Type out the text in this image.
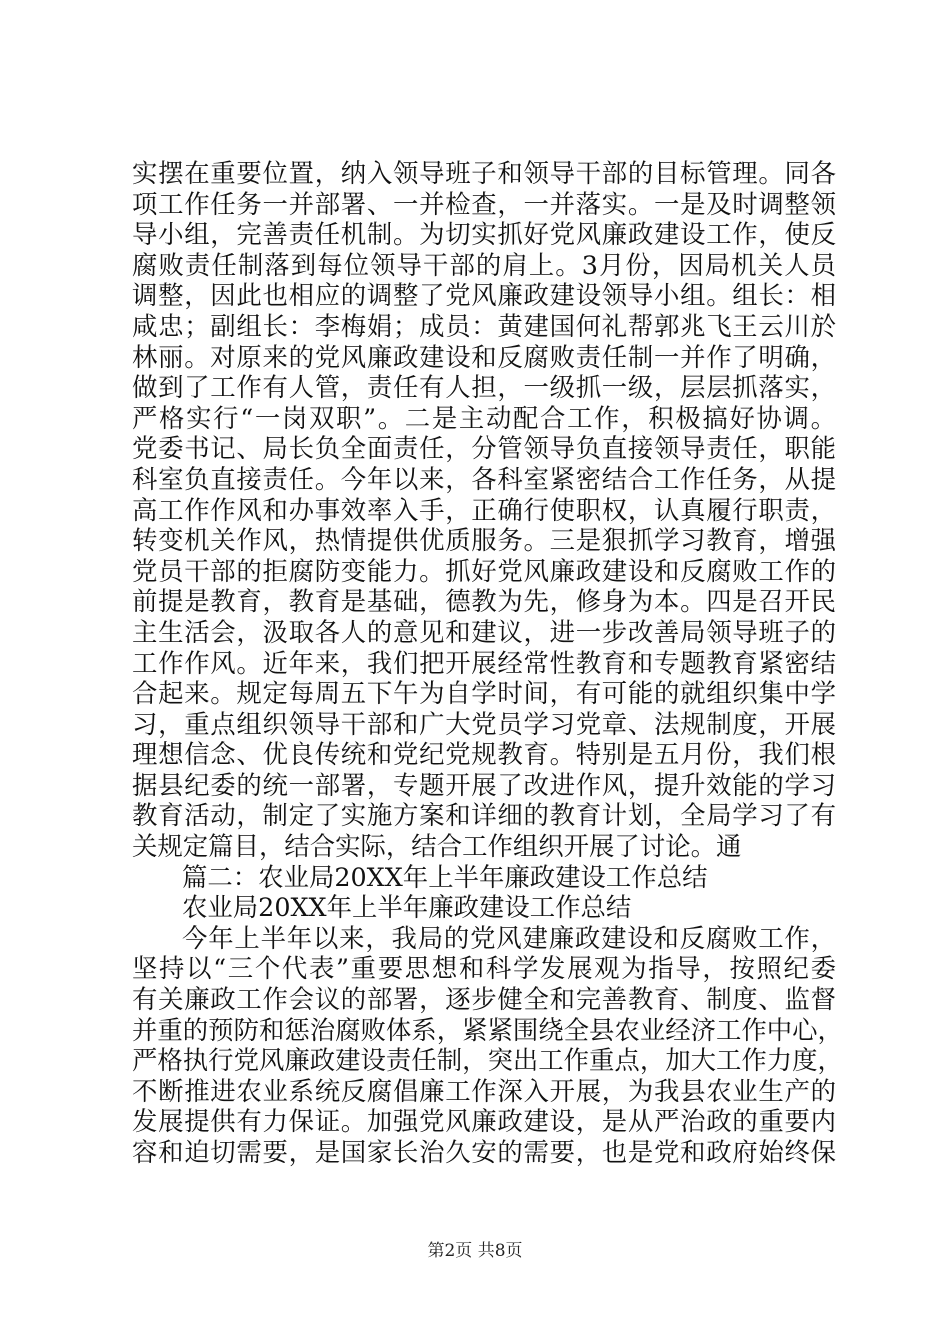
实摆在重要位置，纳入领导班子和领导干部的目标管理。同各
项工作任务一并部署、一并检查，一并落实。一是及时调整领
导小组，完善责任机制。为切实抓好党风廉政建设工作，使反
腐败责任制落到每位领导干部的肩上。3月份，因局机关人员
调整，因此也相应的调整了党风廉政建设领导小组。组长：相
咸忠；副组长：李梅娟；成员：黄建国何礼帮郭兆飞王云川於
林丽。对原来的党风廉政建设和反腐败责任制一并作了明确，
做到了工作有人管，责任有人担，一级抓一级，层层抓落实，
严格实行“一岗双职”。二是主动配合工作，积极搞好协调。
党委书记、局长负全面责任，分管领导负直接领导责任，职能
科室负直接责任。今年以来，各科室紧密结合工作任务，从提
高工作作风和办事效率入手，正确行使职权，认真履行职责，
转变机关作风，热情提供优质服务。三是狠抓学习教育，增强
党员干部的拒腐防变能力。抓好党风廉政建设和反腐败工作的
前提是教育，教育是基础，德教为先，修身为本。四是召开民
主生活会，汲取各人的意见和建议，进一步改善局领导班子的
工作作风。近年来，我们把开展经常性教育和专题教育紧密结
合起来。规定每周五下午为自学时间，有可能的就组织集中学
习，重点组织领导干部和广大党员学习党章、法规制度，开展
理想信念、优良传统和党纪党规教育。特别是五月份，我们根
据县纪委的统一部署，专题开展了改进作风，提升效能的学习
教育活动，制定了实施方案和详细的教育计划，全局学习了有
关规定篇目，结合实际，结合工作组织开展了讨论。通
篇二：农业局20XX年上半年廉政建设工作总结
农业局20XX年上半年廉政建设工作总结
今年上半年以来，我局的党风建廉政建设和反腐败工作，
坚持以“三个代表”重要思想和科学发展观为指导，按照纪委
有关廉政工作会议的部署，逐步健全和完善教育、制度、监督
并重的预防和惩治腐败体系，紧紧围绕全县农业经济工作中心，
严格执行党风廉政建设责任制，突出工作重点，加大工作力度，
不断推进农业系统反腐倡廉工作深入开展，为我县农业生产的
发展提供有力保证。加强党风廉政建设，是从严治政的重要内
容和迫切需要，是国家长治久安的需要，也是党和政府始终保
第2页 共8页
